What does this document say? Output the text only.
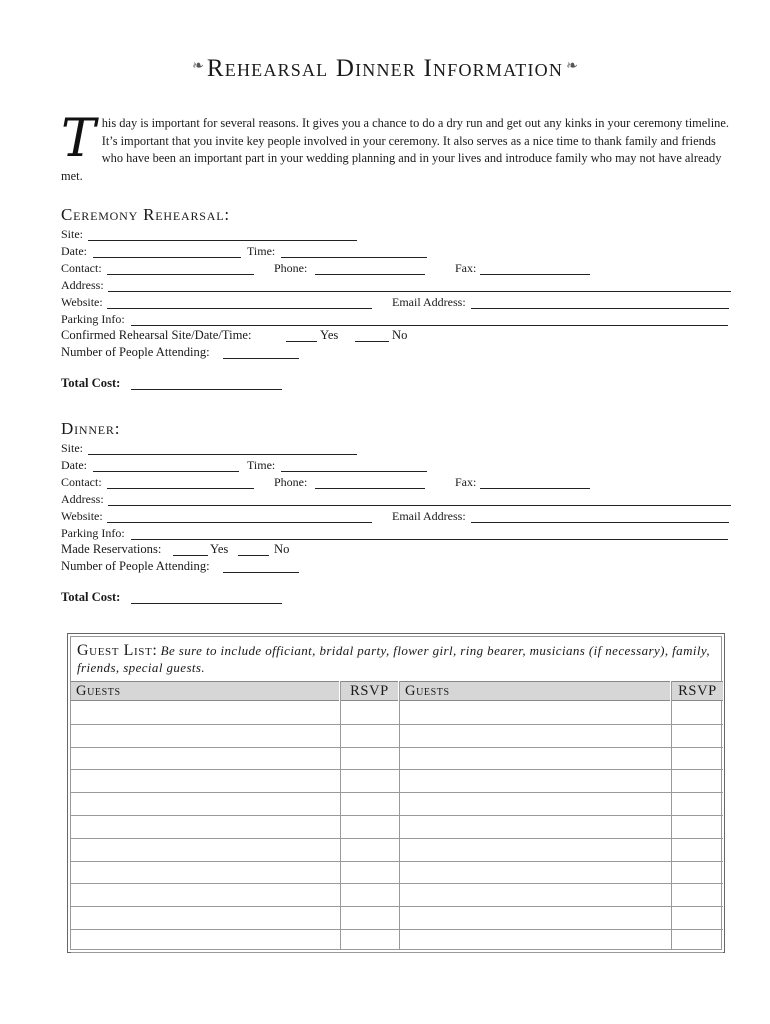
❧ Rehearsal Dinner Information ❧
This day is important for several reasons. It gives you a chance to do a dry run and get out any kinks in your ceremony timeline. It’s important that you invite key people involved in your ceremony. It also serves as a nice time to thank family and friends who have been an important part in your wedding planning and in your lives and introduce family who may not have already met.
Ceremony Rehearsal:
Site:
Date:	Time:
Contact:	Phone:	Fax:
Address:
Website:	Email Address:
Parking Info:
Confirmed Rehearsal Site/Date/Time:	Yes	No
Number of People Attending:
Total Cost:
Dinner:
Site:
Date:	Time:
Contact:	Phone:	Fax:
Address:
Website:	Email Address:
Parking Info:
Made Reservations:	Yes	No
Number of People Attending:
Total Cost:
Guest List: Be sure to include officiant, bridal party, flower girl, ring bearer, musicians (if necessary), family, friends, special guests.
Guests	RSVP	Guests	RSVP
